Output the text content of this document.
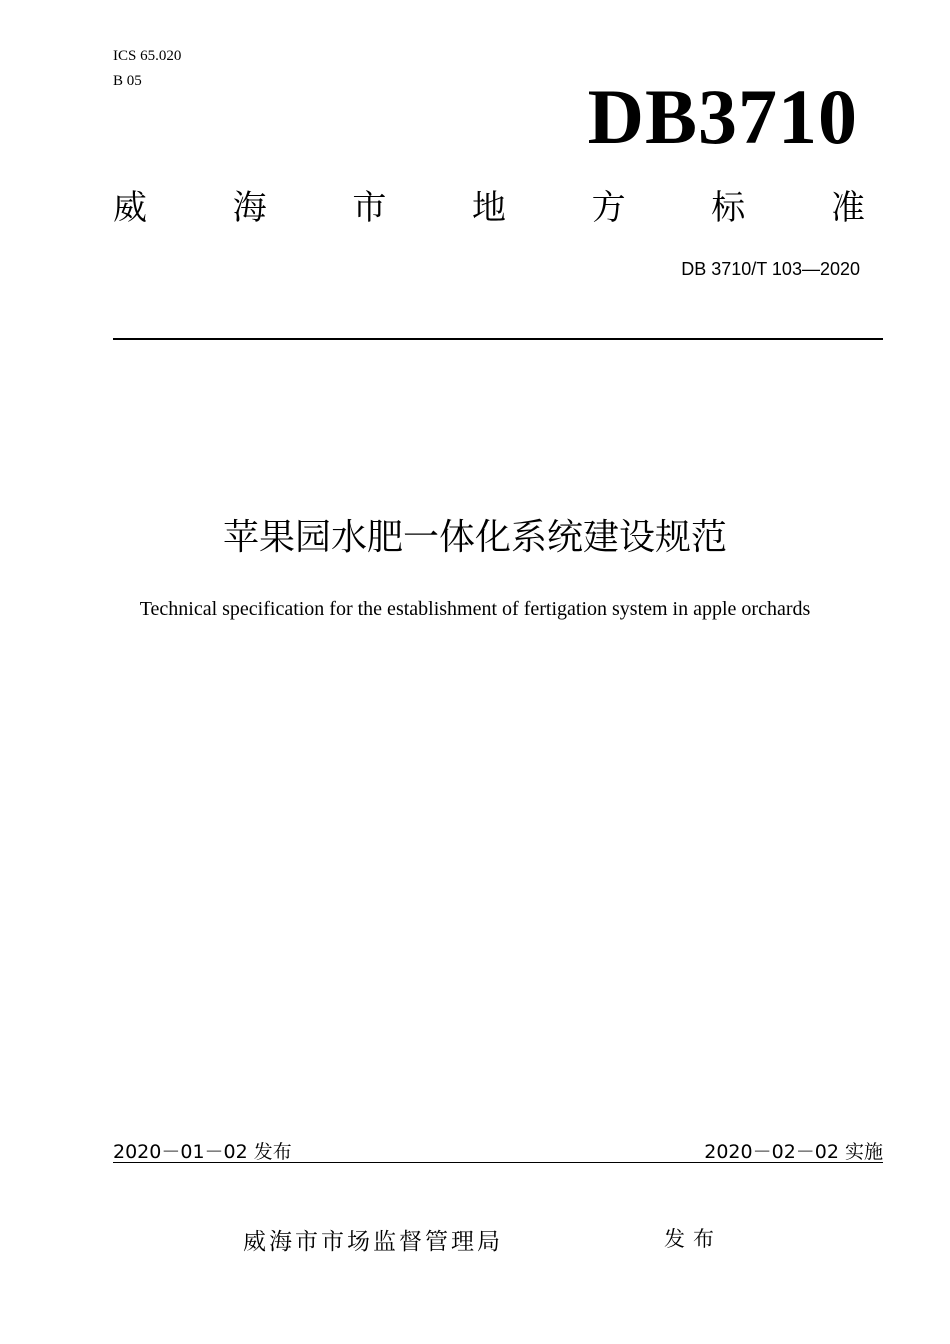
ICS 65.020
B 05	DB3710
威	海	市	地	方	标	准
DB 3710/T 103—2020
苹果园水肥一体化系统建设规范
Technical specification for the establishment of fertigation system in apple orchards
2020－01－02 发布	2020－02－02 实施
威海市市场监督管理局	发布
